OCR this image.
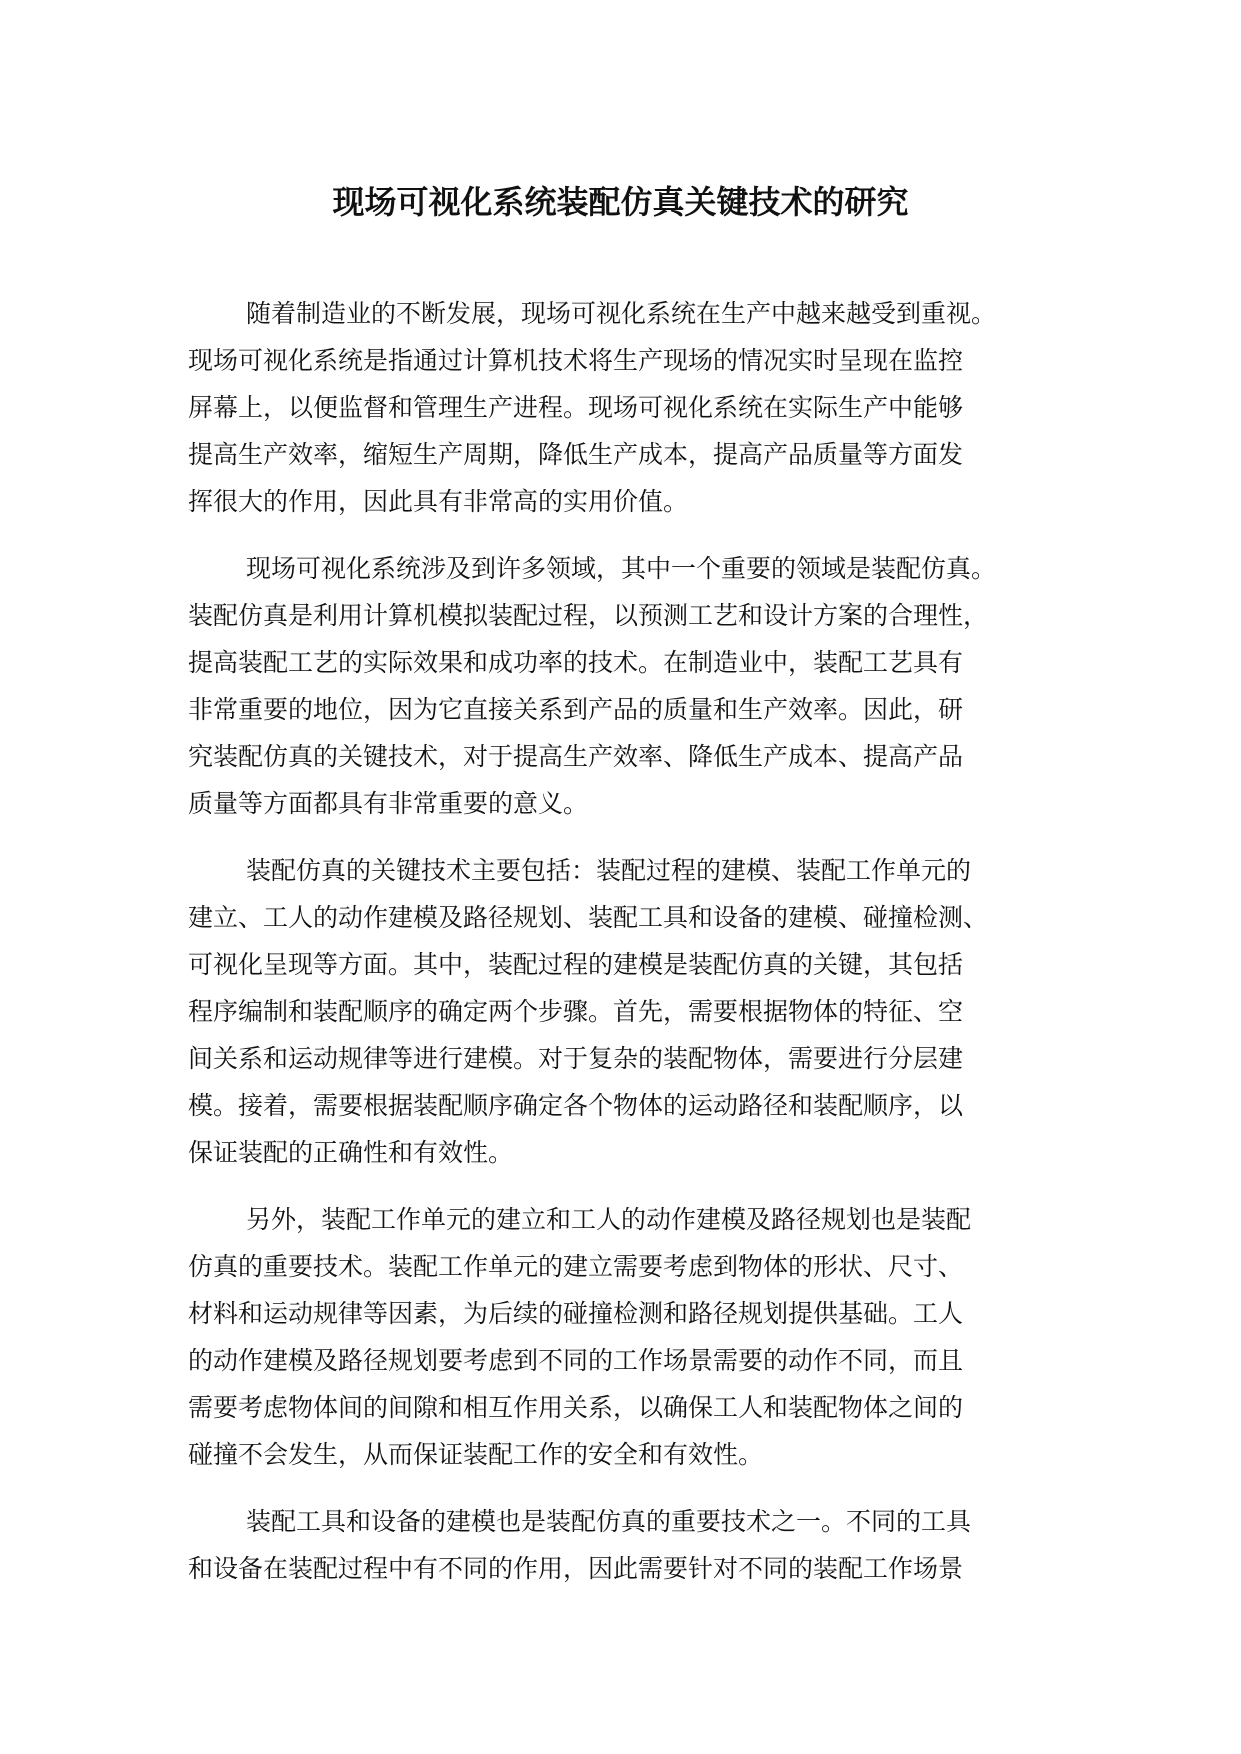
现场可视化系统装配仿真关键技术的研究
随着制造业的不断发展，现场可视化系统在生产中越来越受到重视。
现场可视化系统是指通过计算机技术将生产现场的情况实时呈现在监控
屏幕上，以便监督和管理生产进程。现场可视化系统在实际生产中能够
提高生产效率，缩短生产周期，降低生产成本，提高产品质量等方面发
挥很大的作用，因此具有非常高的实用价值。
现场可视化系统涉及到许多领域，其中一个重要的领域是装配仿真。
装配仿真是利用计算机模拟装配过程，以预测工艺和设计方案的合理性，
提高装配工艺的实际效果和成功率的技术。在制造业中，装配工艺具有
非常重要的地位，因为它直接关系到产品的质量和生产效率。因此，研
究装配仿真的关键技术，对于提高生产效率、降低生产成本、提高产品
质量等方面都具有非常重要的意义。
装配仿真的关键技术主要包括：装配过程的建模、装配工作单元的
建立、工人的动作建模及路径规划、装配工具和设备的建模、碰撞检测、
可视化呈现等方面。其中，装配过程的建模是装配仿真的关键，其包括
程序编制和装配顺序的确定两个步骤。首先，需要根据物体的特征、空
间关系和运动规律等进行建模。对于复杂的装配物体，需要进行分层建
模。接着，需要根据装配顺序确定各个物体的运动路径和装配顺序，以
保证装配的正确性和有效性。
另外，装配工作单元的建立和工人的动作建模及路径规划也是装配
仿真的重要技术。装配工作单元的建立需要考虑到物体的形状、尺寸、
材料和运动规律等因素，为后续的碰撞检测和路径规划提供基础。工人
的动作建模及路径规划要考虑到不同的工作场景需要的动作不同，而且
需要考虑物体间的间隙和相互作用关系，以确保工人和装配物体之间的
碰撞不会发生，从而保证装配工作的安全和有效性。
装配工具和设备的建模也是装配仿真的重要技术之一。不同的工具
和设备在装配过程中有不同的作用，因此需要针对不同的装配工作场景
